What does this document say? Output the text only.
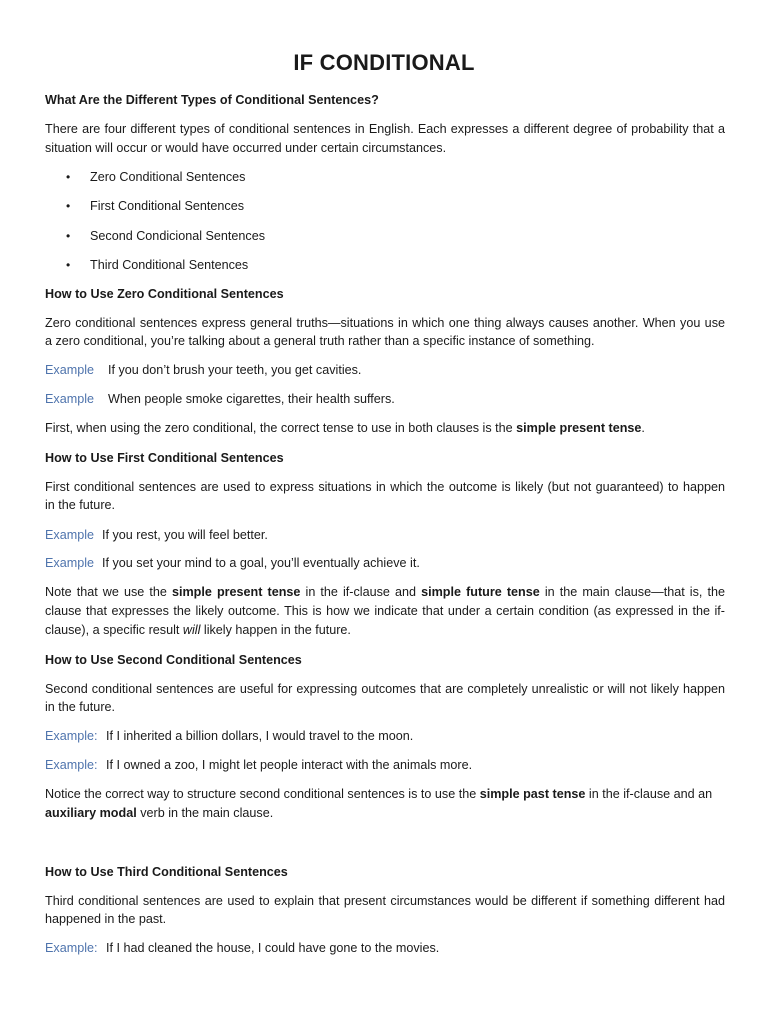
IF CONDITIONAL
What Are the Different Types of Conditional Sentences?
There are four different types of conditional sentences in English. Each expresses a different degree of probability that a
situation will occur or would have occurred under certain circumstances.
• Zero Conditional Sentences
• First Conditional Sentences
• Second Condicional Sentences
• Third Conditional Sentences
How to Use Zero Conditional Sentences
Zero conditional sentences express general truths—situations in which one thing always causes another. When you use
a zero conditional, you’re talking about a general truth rather than a specific instance of something.
Example If you don’t brush your teeth, you get cavities.
Example When people smoke cigarettes, their health suffers.
First, when using the zero conditional, the correct tense to use in both clauses is the simple present tense.
How to Use First Conditional Sentences
First conditional sentences are used to express situations in which the outcome is likely (but not guaranteed) to happen
in the future.
Example If you rest, you will feel better.
Example If you set your mind to a goal, you’ll eventually achieve it.
Note that we use the simple present tense in the if-clause and simple future tense in the main clause—that is, the
clause that expresses the likely outcome. This is how we indicate that under a certain condition (as expressed in the if-
clause), a specific result will likely happen in the future.
How to Use Second Conditional Sentences
Second conditional sentences are useful for expressing outcomes that are completely unrealistic or will not likely happen
in the future.
Example: If I inherited a billion dollars, I would travel to the moon.
Example: If I owned a zoo, I might let people interact with the animals more.
Notice the correct way to structure second conditional sentences is to use the simple past tense in the if-clause and an
auxiliary modal verb in the main clause.
How to Use Third Conditional Sentences
Third conditional sentences are used to explain that present circumstances would be different if something different had
happened in the past.
Example: If I had cleaned the house, I could have gone to the movies.
